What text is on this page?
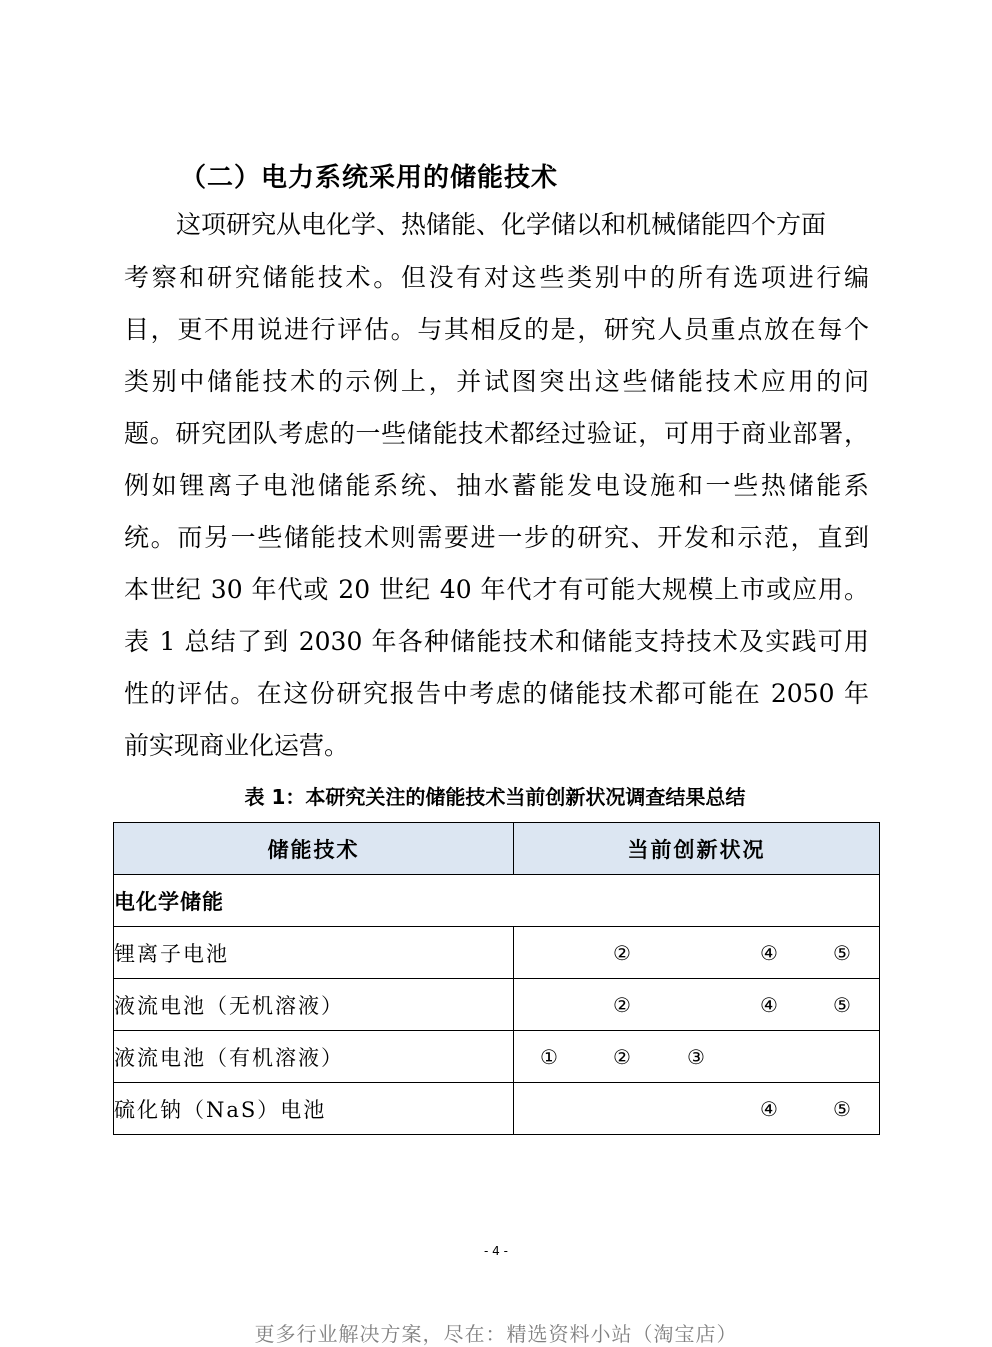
（二）电力系统采用的储能技术
这项研究从电化学、热储能、化学储以和机械储能四个方面
考察和研究储能技术。但没有对这些类别中的所有选项进行编
目，更不用说进行评估。与其相反的是，研究人员重点放在每个
类别中储能技术的示例上，并试图突出这些储能技术应用的问
题。研究团队考虑的一些储能技术都经过验证，可用于商业部署，
例如锂离子电池储能系统、抽水蓄能发电设施和一些热储能系
统。而另一些储能技术则需要进一步的研究、开发和示范，直到
本世纪 30 年代或 20 世纪 40 年代才有可能大规模上市或应用。
表 1 总结了到 2030 年各种储能技术和储能支持技术及实践可用
性的评估。在这份研究报告中考虑的储能技术都可能在 2050 年
前实现商业化运营。
表 1：本研究关注的储能技术当前创新状况调查结果总结
储能技术	当前创新状况
电化学储能	
锂离子电池	② ④ ⑤

液流电池（无机溶液）	② ④ ⑤

液流电池（有机溶液）	① ② ③

硫化钠（NaS）电池	④ ⑤
- 4 -
更多行业解决方案，尽在：精选资料小站（淘宝店）
